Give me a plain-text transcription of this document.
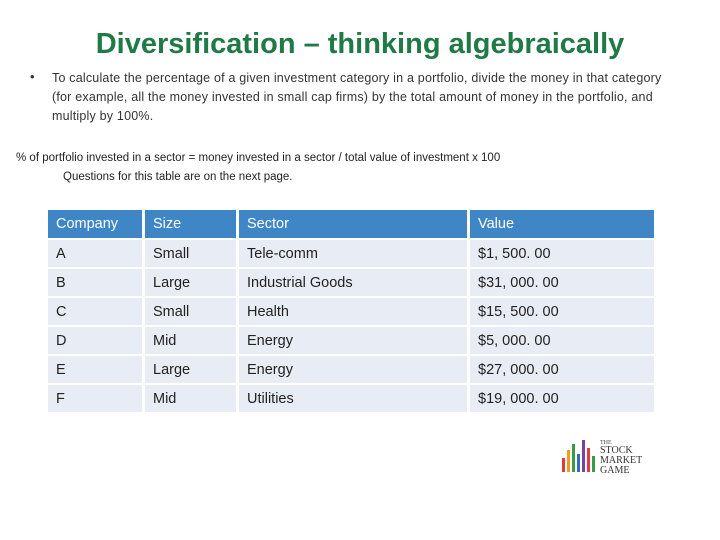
Diversification – thinking algebraically
• To calculate the percentage of a given investment category in a portfolio, divide the money in that category (for example, all the money invested in small cap firms) by the total amount of money in the portfolio, and multiply by 100%.
% of portfolio invested in a sector = money invested in a sector / total value of investment x 100
Questions for this table are on the next page.
Company	Size	Sector	Value
A	Small	Tele-comm	$1, 500. 00
B	Large	Industrial Goods	$31, 000. 00
C	Small	Health	$15, 500. 00
D	Mid	Energy	$5, 000. 00
E	Large	Energy	$27, 000. 00
F	Mid	Utilities	$19, 000. 00
THE
STOCK
MARKET
GAME
